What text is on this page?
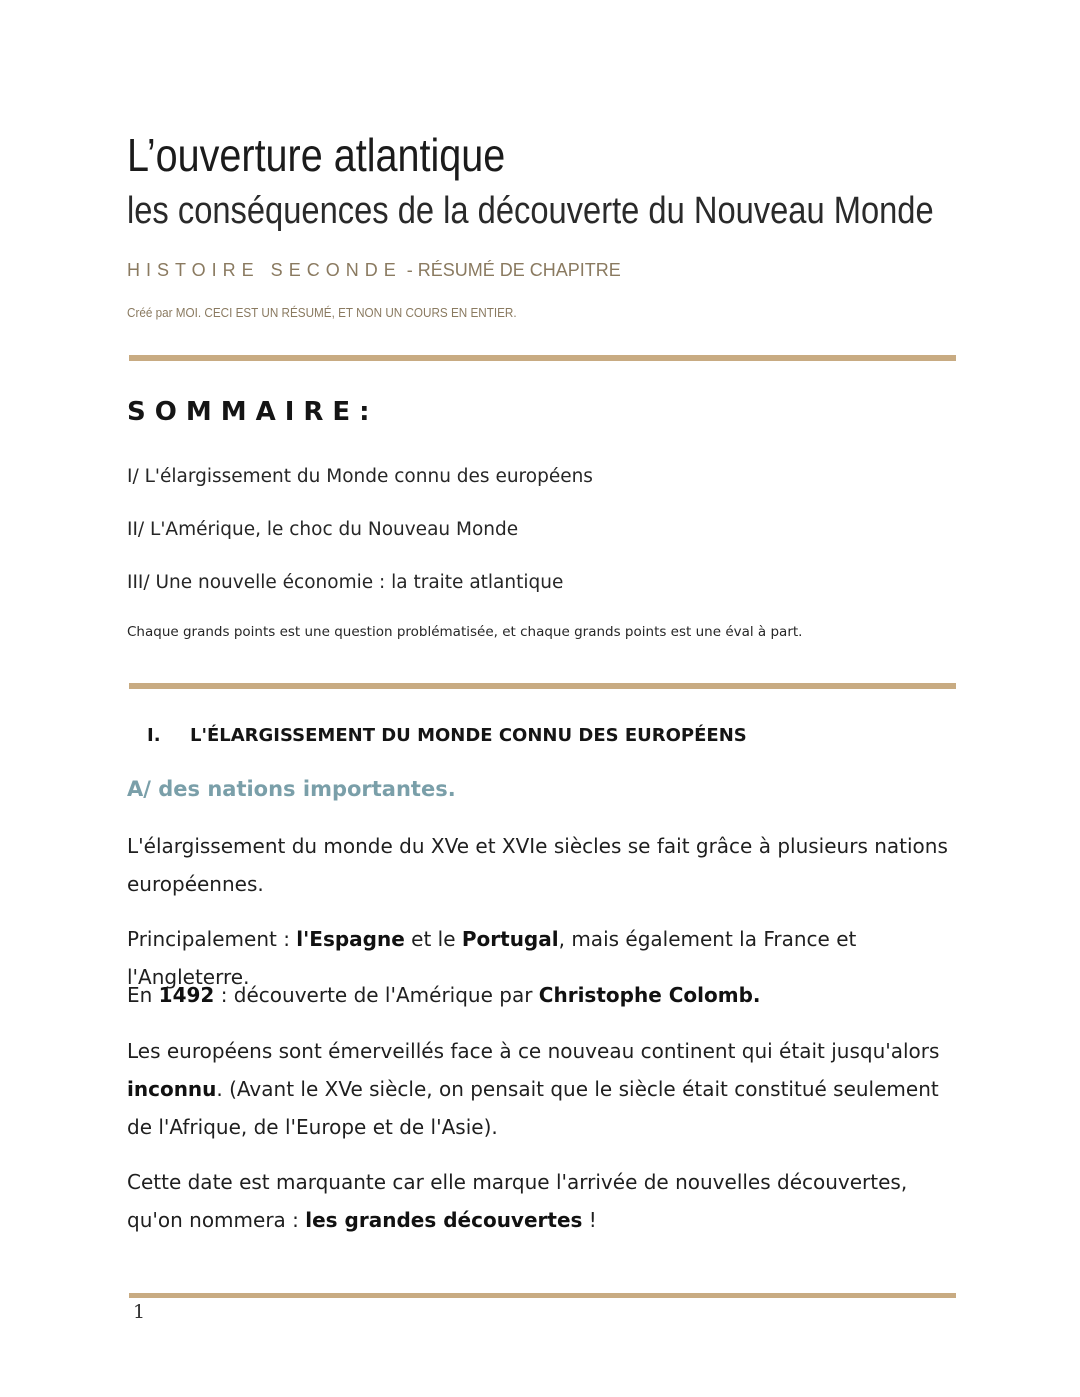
L’ouverture atlantique
les conséquences de la découverte du Nouveau Monde
HISTOIRE SECONDE - RÉSUMÉ DE CHAPITRE
Créé par MOI. CECI EST UN RÉSUMÉ, ET NON UN COURS EN ENTIER.
SOMMAIRE:

I/ L'élargissement du Monde connu des européens

II/ L'Amérique, le choc du Nouveau Monde

III/ Une nouvelle économie : la traite atlantique

Chaque grands points est une question problématisée, et chaque grands points est une éval à part.
I. L'ÉLARGISSEMENT DU MONDE CONNU DES EUROPÉENS
A/ des nations importantes.

L'élargissement du monde du XVe et XVIe siècles se fait grâce à plusieurs nations européennes.

Principalement : l'Espagne et le Portugal, mais également la France et l'Angleterre.

En 1492 : découverte de l'Amérique par Christophe Colomb.

Les européens sont émerveillés face à ce nouveau continent qui était jusqu'alors inconnu. (Avant le XVe siècle, on pensait que le siècle était constitué seulement de l'Afrique, de l'Europe et de l'Asie).

Cette date est marquante car elle marque l'arrivée de nouvelles découvertes, qu'on nommera : les grandes découvertes !

1
